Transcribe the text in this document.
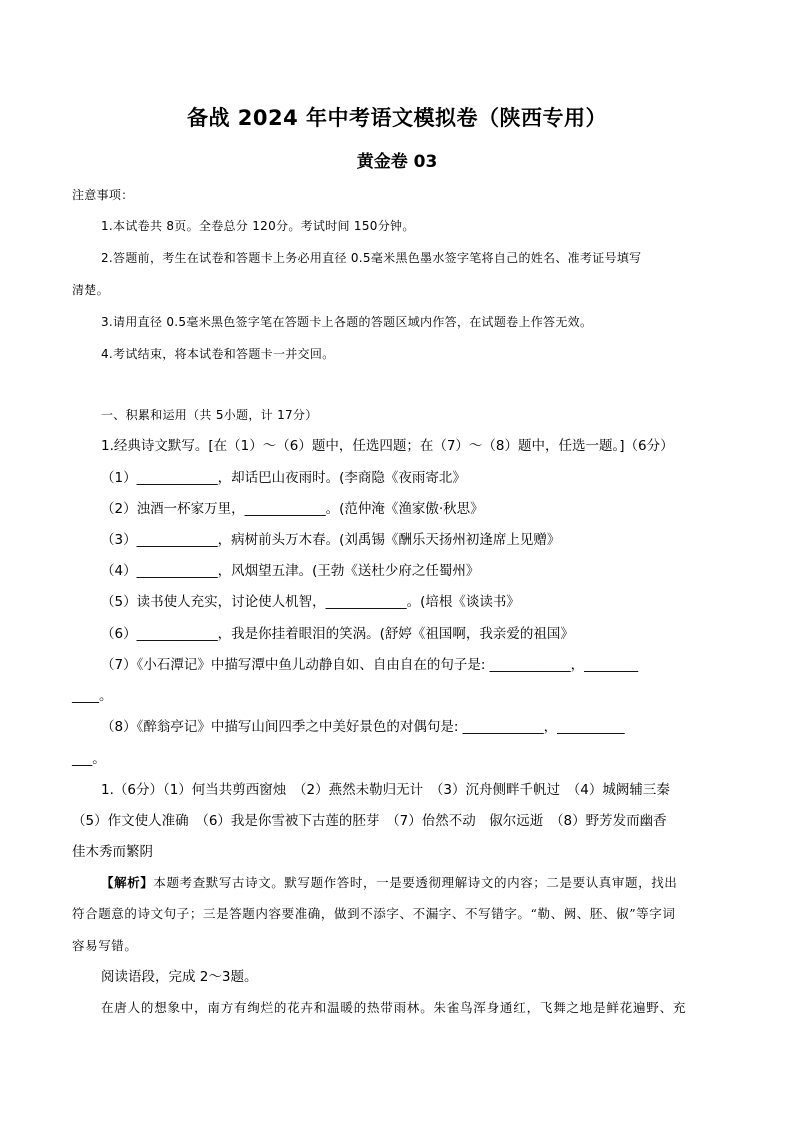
备战 2024 年中考语文模拟卷（陕西专用）
黄金卷 03
注意事项：
1.本试卷共 8页。全卷总分 120分。考试时间 150分钟。
2.答题前，考生在试卷和答题卡上务必用直径 0.5毫米黑色墨水签字笔将自己的姓名、准考证号填写
清楚。
3.请用直径 0.5毫米黑色签字笔在答题卡上各题的答题区域内作答，在试题卷上作答无效。
4.考试结束，将本试卷和答题卡一并交回。
一、积累和运用（共 5小题，计 17分）
1.经典诗文默写。[在（1）～（6）题中，任选四题；在（7）～（8）题中，任选一题。]（6分）
（1）____________，却话巴山夜雨时。(李商隐《夜雨寄北》
（2）浊酒一杯家万里，____________。(范仲淹《渔家傲·秋思》
（3）____________，病树前头万木春。(刘禹锡《酬乐天扬州初逢席上见赠》
（4）____________，风烟望五津。(王勃《送杜少府之任蜀州》
（5）读书使人充实，讨论使人机智，____________。(培根《谈读书》
（6）____________，我是你挂着眼泪的笑涡。(舒婷《祖国啊，我亲爱的祖国》
（7）《小石潭记》中描写潭中鱼儿动静自如、自由自在的句子是: ____________，________
____。
（8）《醉翁亭记》中描写山间四季之中美好景色的对偶句是: ____________，__________
___。
1.（6分）（1）何当共剪西窗烛　（2）燕然未勒归无计　（3）沉舟侧畔千帆过　（4）城阙辅三秦
（5）作文使人准确　（6）我是你雪被下古莲的胚芽　（7）佁然不动　俶尔远逝　（8）野芳发而幽香
佳木秀而繁阴
【解析】本题考查默写古诗文。默写题作答时，一是要透彻理解诗文的内容；二是要认真审题，找出
符合题意的诗文句子；三是答题内容要准确，做到不添字、不漏字、不写错字。“勒、阙、胚、俶”等字词
容易写错。
阅读语段，完成 2～3题。
在唐人的想象中，南方有绚烂的花卉和温暖的热带雨林。朱雀鸟浑身通红，飞舞之地是鲜花遍野、充
